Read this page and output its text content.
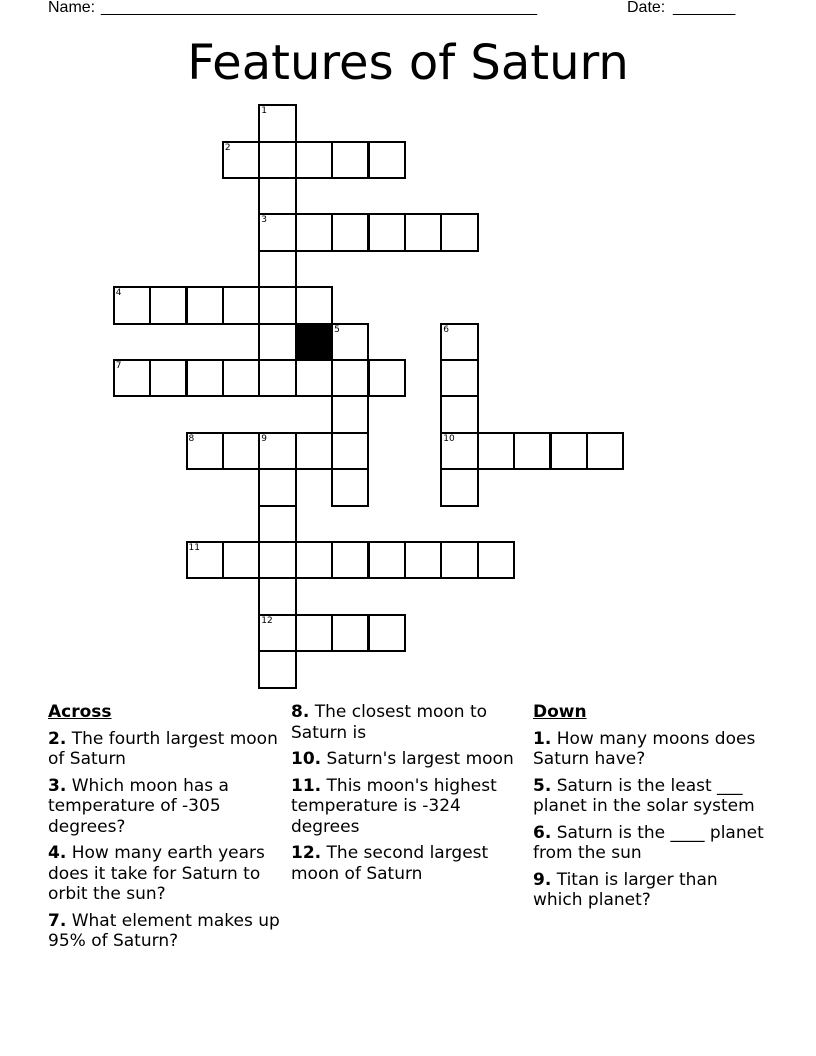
Name: _________________________________________________	Date: _______
Features of Saturn
1
2
3
4
5	6
7
8	9	10
11
12
Across
2. The fourth largest moon of Saturn
3. Which moon has a temperature of -305 degrees?
4. How many earth years does it take for Saturn to orbit the sun?
7. What element makes up 95% of Saturn?
8. The closest moon to Saturn is
10. Saturn's largest moon
11. This moon's highest temperature is -324 degrees
12. The second largest moon of Saturn
Down
1. How many moons does Saturn have?
5. Saturn is the least ___ planet in the solar system
6. Saturn is the ____ planet from the sun
9. Titan is larger than which planet?
